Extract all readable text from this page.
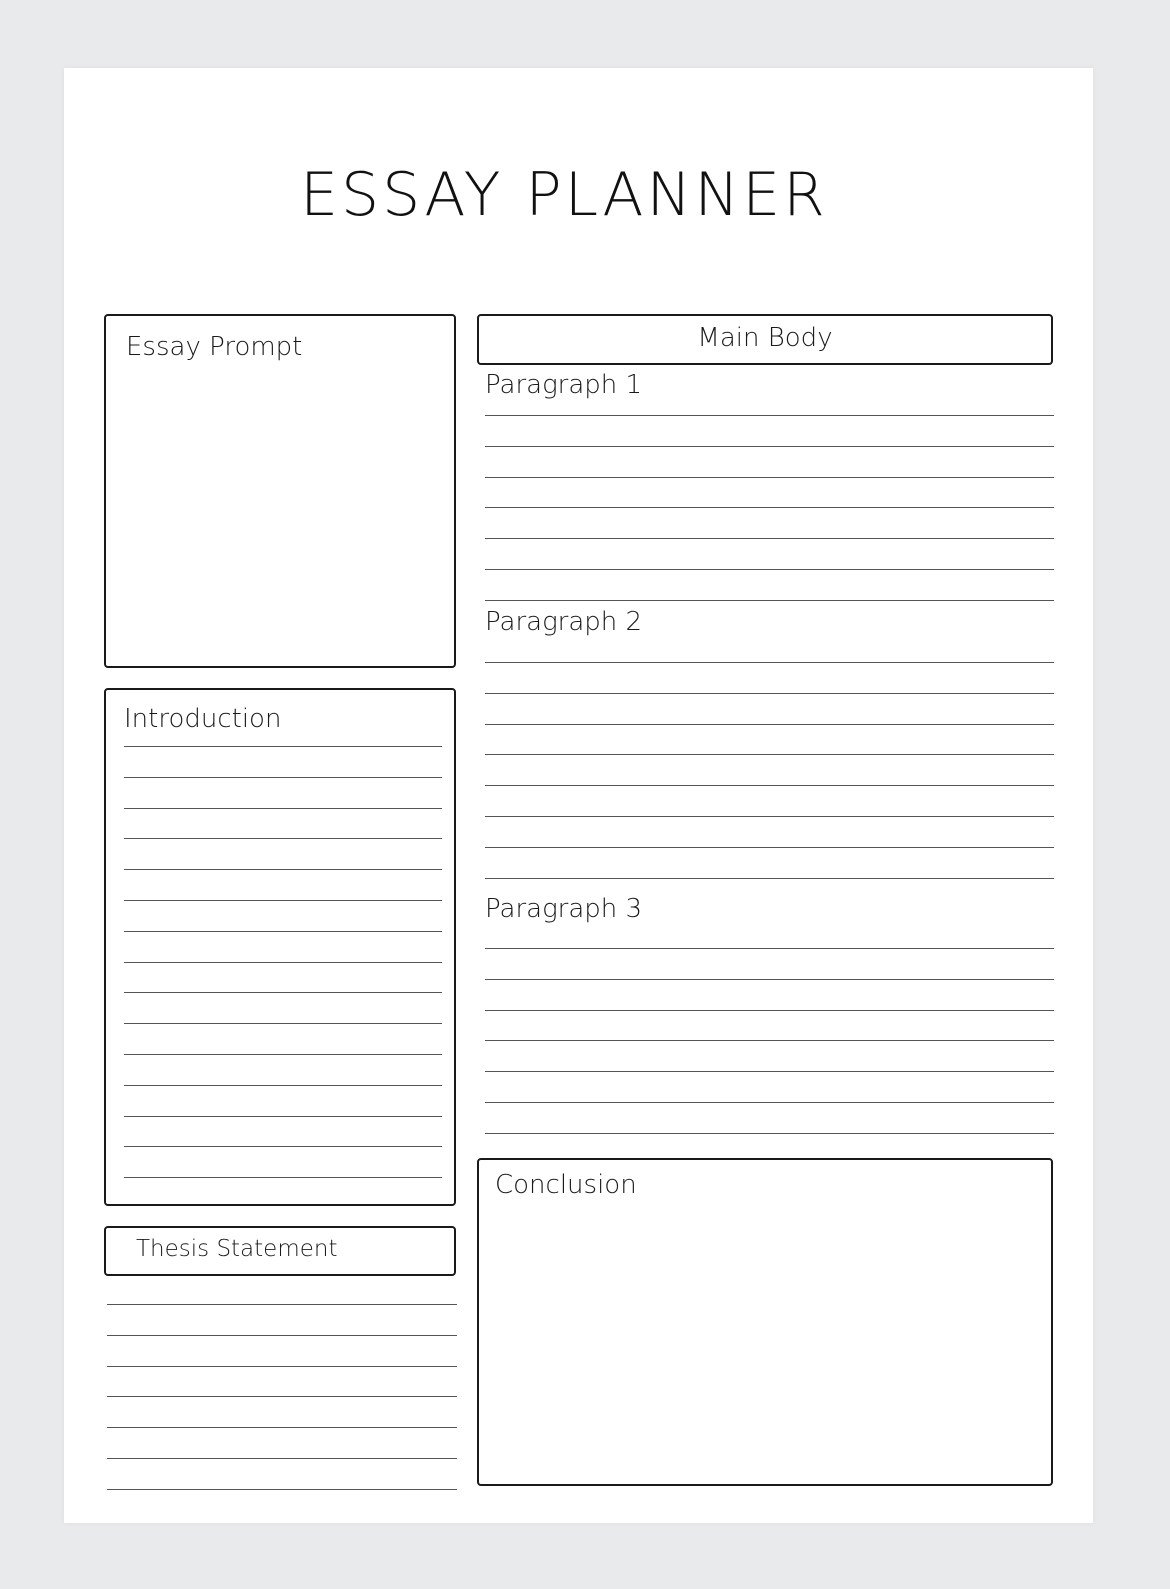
ESSAY PLANNER
Essay Prompt
Introduction
Thesis Statement
Main Body
Paragraph 1
Paragraph 2
Paragraph 3
Conclusion
